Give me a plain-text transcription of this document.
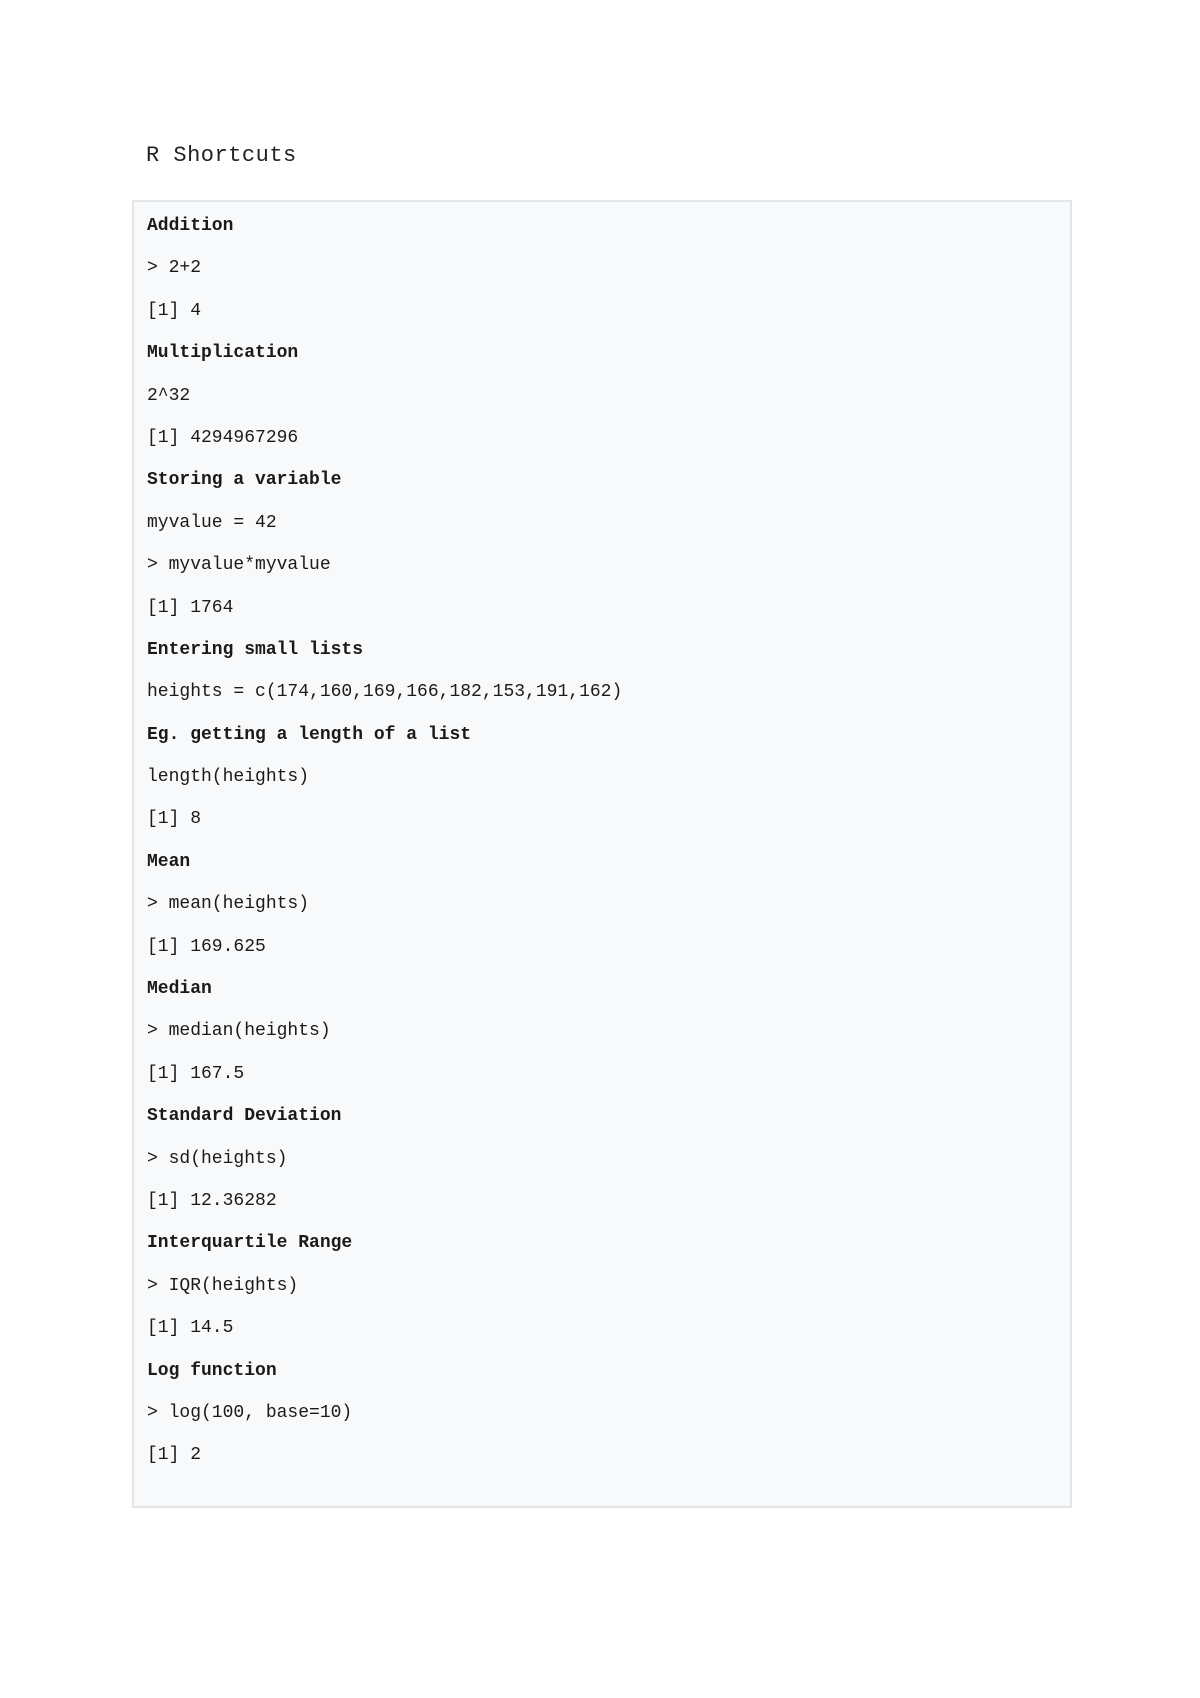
R Shortcuts
Addition
> 2+2
[1] 4
Multiplication
2^32
[1] 4294967296
Storing a variable
myvalue = 42
> myvalue*myvalue
[1] 1764
Entering small lists
heights = c(174,160,169,166,182,153,191,162)
Eg. getting a length of a list
length(heights)
[1] 8
Mean
> mean(heights)
[1] 169.625
Median
> median(heights)
[1] 167.5
Standard Deviation
> sd(heights)
[1] 12.36282
Interquartile Range
> IQR(heights)
[1] 14.5
Log function
> log(100, base=10)
[1] 2
